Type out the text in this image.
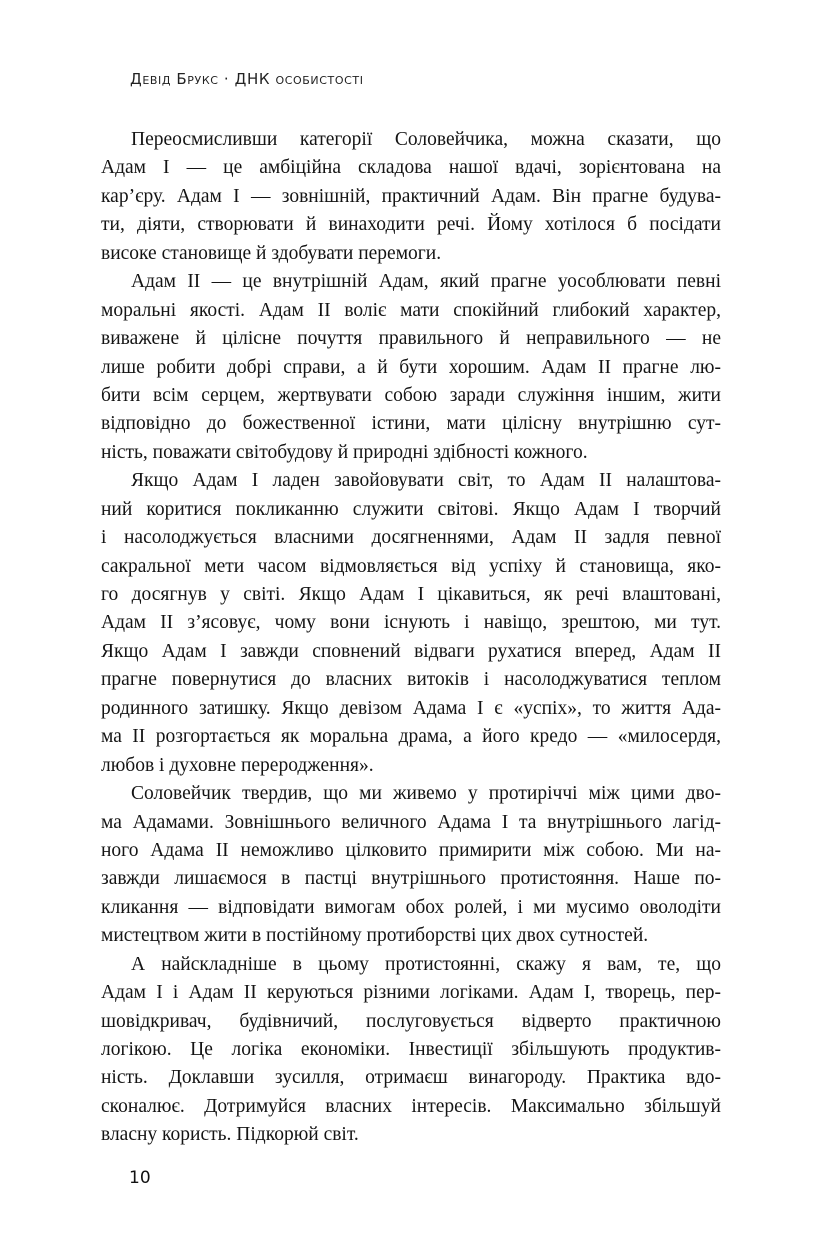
Девід Брукс · ДНК особистості
Переосмисливши категорії Соловейчика, можна сказати, що
Адам I — це амбіційна складова нашої вдачі, зорієнтована на
кар’єру. Адам I — зовнішній, практичний Адам. Він прагне будува-
ти, діяти, створювати й винаходити речі. Йому хотілося б посідати
високе становище й здобувати перемоги.
Адам II — це внутрішній Адам, який прагне уособлювати певні
моральні якості. Адам II воліє мати спокійний глибокий характер,
виважене й цілісне почуття правильного й неправильного — не
лише робити добрі справи, а й бути хорошим. Адам II прагне лю-
бити всім серцем, жертвувати собою заради служіння іншим, жити
відповідно до божественної істини, мати цілісну внутрішню сут-
ність, поважати світобудову й природні здібності кожного.
Якщо Адам I ладен завойовувати світ, то Адам II налаштова-
ний коритися покликанню служити світові. Якщо Адам I творчий
і насолоджується власними досягненнями, Адам II задля певної
сакральної мети часом відмовляється від успіху й становища, яко-
го досягнув у світі. Якщо Адам I цікавиться, як речі влаштовані,
Адам II з’ясовує, чому вони існують і навіщо, зрештою, ми тут.
Якщо Адам I завжди сповнений відваги рухатися вперед, Адам II
прагне повернутися до власних витоків і насолоджуватися теплом
родинного затишку. Якщо девізом Адама I є «успіх», то життя Ада-
ма II розгортається як моральна драма, а його кредо — «милосердя,
любов і духовне переродження».
Соловейчик твердив, що ми живемо у протиріччі між цими дво-
ма Адамами. Зовнішнього величного Адама I та внутрішнього лагід-
ного Адама II неможливо цілковито примирити між собою. Ми на-
завжди лишаємося в пастці внутрішнього протистояння. Наше по-
кликання — відповідати вимогам обох ролей, і ми мусимо оволодіти
мистецтвом жити в постійному протиборстві цих двох сутностей.
А найскладніше в цьому протистоянні, скажу я вам, те, що
Адам I і Адам II керуються різними логіками. Адам I, творець, пер-
шовідкривач, будівничий, послуговується відверто практичною
логікою. Це логіка економіки. Інвестиції збільшують продуктив-
ність. Доклавши зусилля, отримаєш винагороду. Практика вдо-
сконалює. Дотримуйся власних інтересів. Максимально збільшуй
власну користь. Підкорюй світ.
10
